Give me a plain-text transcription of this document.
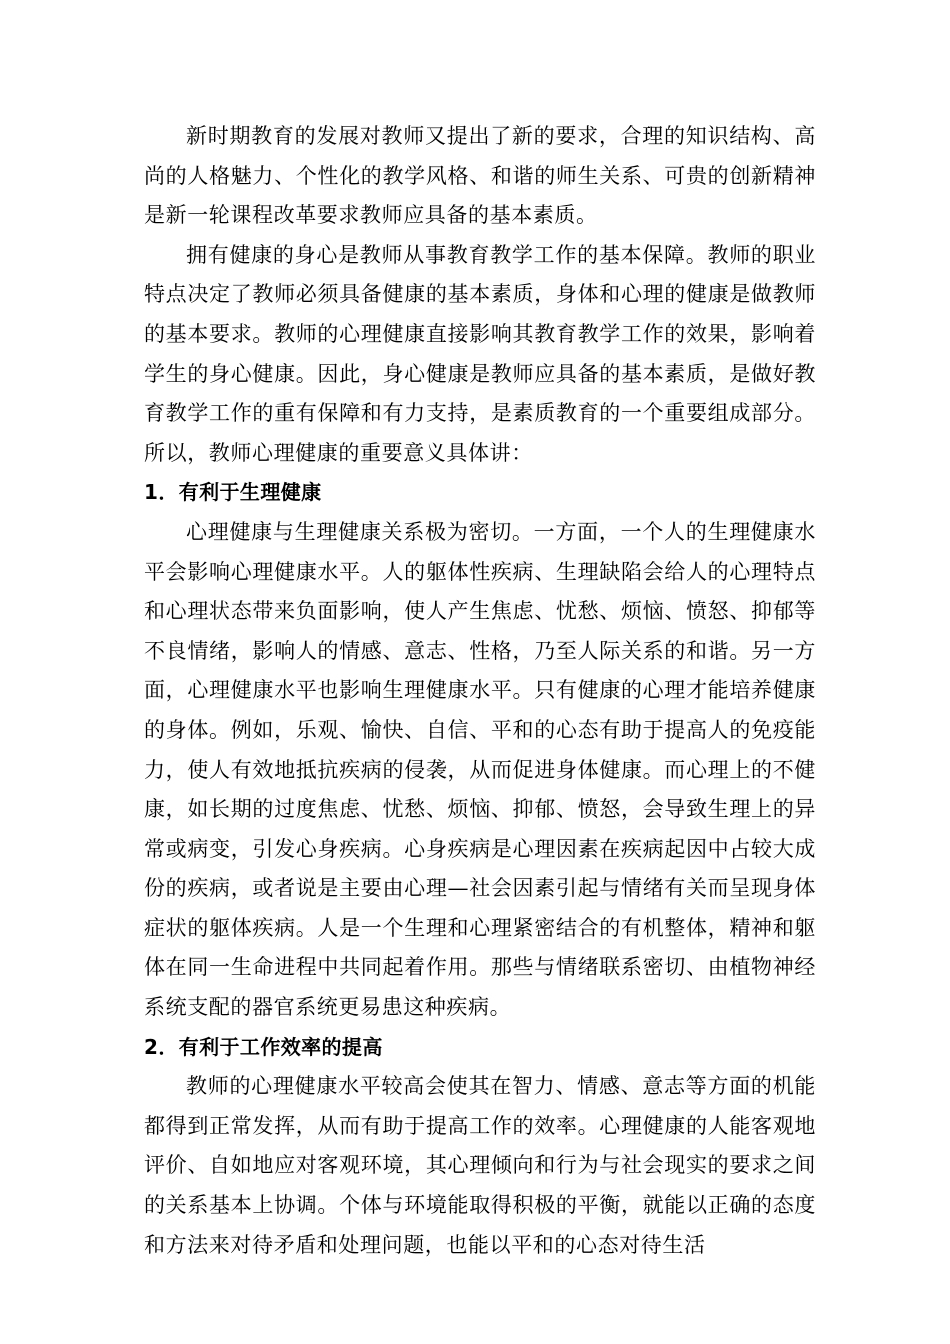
新时期教育的发展对教师又提出了新的要求，合理的知识结构、高尚的人格魅力、个性化的教学风格、和谐的师生关系、可贵的创新精神是新一轮课程改革要求教师应具备的基本素质。

拥有健康的身心是教师从事教育教学工作的基本保障。教师的职业特点决定了教师必须具备健康的基本素质，身体和心理的健康是做教师的基本要求。教师的心理健康直接影响其教育教学工作的效果，影响着学生的身心健康。因此，身心健康是教师应具备的基本素质，是做好教育教学工作的重有保障和有力支持，是素质教育的一个重要组成部分。所以，教师心理健康的重要意义具体讲：

1．有利于生理健康

心理健康与生理健康关系极为密切。一方面，一个人的生理健康水平会影响心理健康水平。人的躯体性疾病、生理缺陷会给人的心理特点和心理状态带来负面影响，使人产生焦虑、忧愁、烦恼、愤怒、抑郁等不良情绪，影响人的情感、意志、性格，乃至人际关系的和谐。另一方面，心理健康水平也影响生理健康水平。只有健康的心理才能培养健康的身体。例如，乐观、愉快、自信、平和的心态有助于提高人的免疫能力，使人有效地抵抗疾病的侵袭，从而促进身体健康。而心理上的不健康，如长期的过度焦虑、忧愁、烦恼、抑郁、愤怒，会导致生理上的异常或病变，引发心身疾病。心身疾病是心理因素在疾病起因中占较大成份的疾病，或者说是主要由心理—社会因素引起与情绪有关而呈现身体症状的躯体疾病。人是一个生理和心理紧密结合的有机整体，精神和躯体在同一生命进程中共同起着作用。那些与情绪联系密切、由植物神经系统支配的器官系统更易患这种疾病。

2．有利于工作效率的提高

教师的心理健康水平较高会使其在智力、情感、意志等方面的机能都得到正常发挥，从而有助于提高工作的效率。心理健康的人能客观地评价、自如地应对客观环境，其心理倾向和行为与社会现实的要求之间的关系基本上协调。个体与环境能取得积极的平衡，就能以正确的态度和方法来对待矛盾和处理问题，也能以平和的心态对待生活
